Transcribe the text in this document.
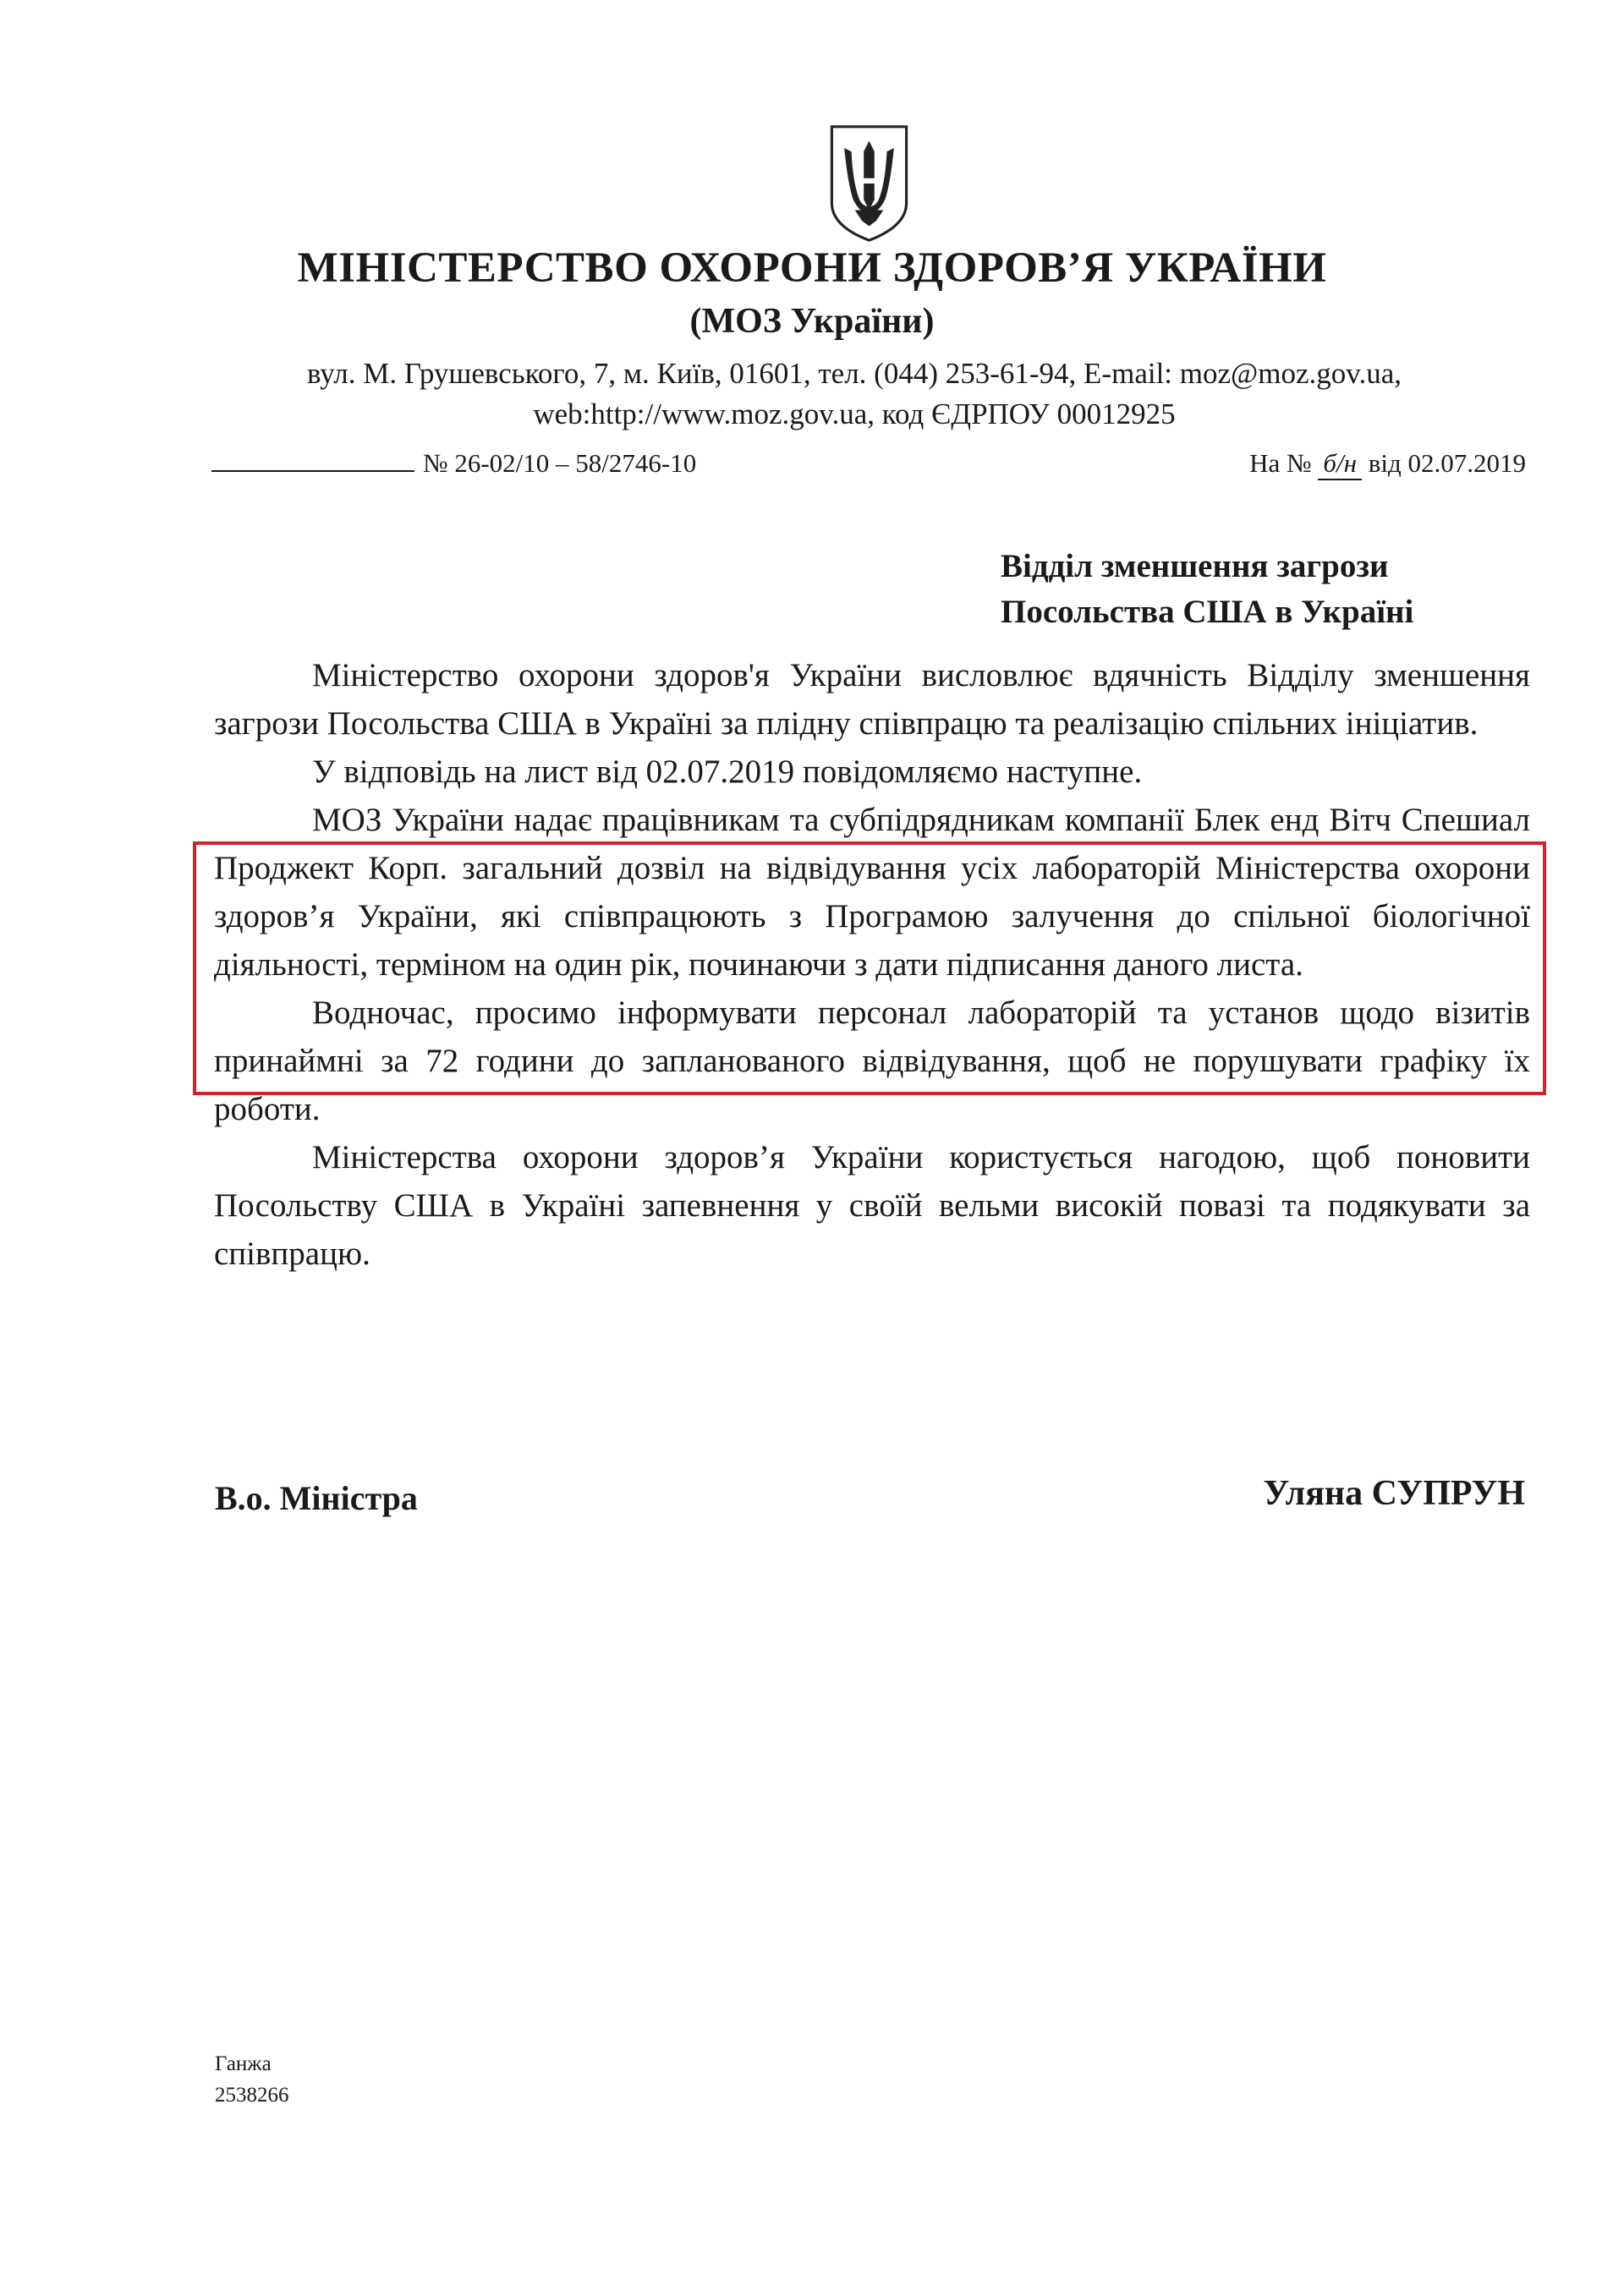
МІНІСТЕРСТВО ОХОРОНИ ЗДОРОВ’Я УКРАЇНИ
(МОЗ України)
вул. М. Грушевського, 7, м. Київ, 01601, тел. (044) 253-61-94, E-mail: moz@moz.gov.ua,
web:http://www.moz.gov.ua, код ЄДРПОУ 00012925
№ 26-02/10 – 58/2746-10	На № б/н від 02.07.2019
Відділ зменшення загрози
Посольства США в Україні

Міністерство охорони здоров'я України висловлює вдячність Відділу зменшення загрози Посольства США в Україні за плідну співпрацю та реалізацію спільних ініціатив.

У відповідь на лист від 02.07.2019 повідомляємо наступне.

МОЗ України надає працівникам та субпідрядникам компанії Блек енд Вітч Спешиал Проджект Корп. загальний дозвіл на відвідування усіх лабораторій Міністерства охорони здоров’я України, які співпрацюють з Програмою залучення до спільної біологічної діяльності, терміном на один рік, починаючи з дати підписання даного листа.

Водночас, просимо інформувати персонал лабораторій та установ щодо візитів принаймні за 72 години до запланованого відвідування, щоб не порушувати графіку їх роботи.

Міністерства охорони здоров’я України користується нагодою, щоб поновити Посольству США в Україні запевнення у своїй вельми високій повазі та подякувати за співпрацю.

В.о. Міністра	Уляна СУПРУН
Ганжа
2538266
